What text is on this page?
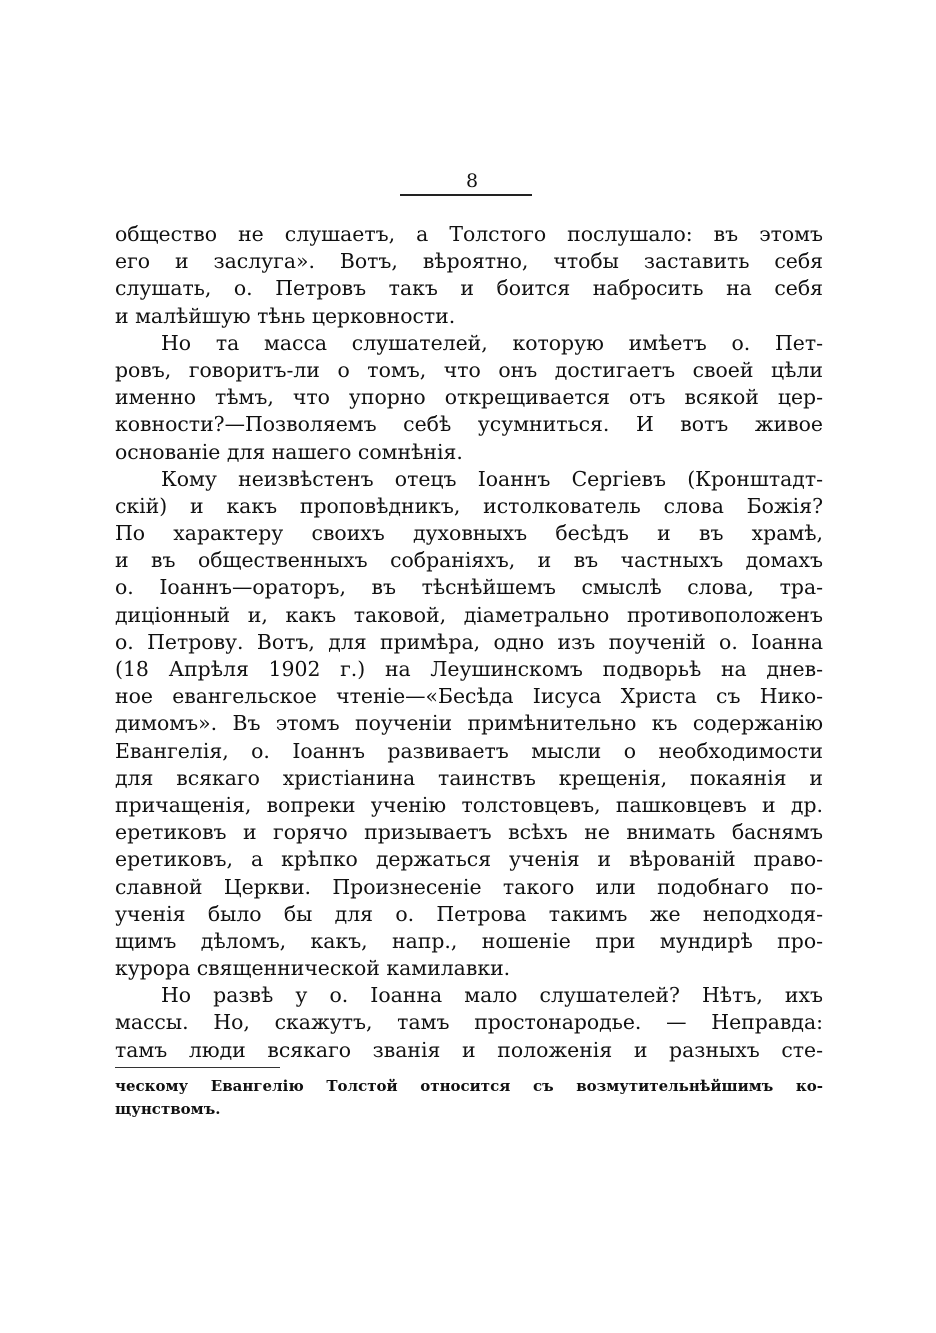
8
общество не слушаетъ, а Толстого послушало: въ этомъ
его и заслуга». Вотъ, вѣроятно, чтобы заставить себя
слушать, о. Петровъ такъ и боится набросить на себя
и малѣйшую тѣнь церковности.
Но та масса слушателей, которую имѣетъ о. Пет-
ровъ, говоритъ-ли о томъ, что онъ достигаетъ своей цѣли
именно тѣмъ, что упорно открещивается отъ всякой цер-
ковности?—Позволяемъ себѣ усумниться. И вотъ живое
основаніе для нашего сомнѣнія.
Кому неизвѣстенъ отецъ Іоаннъ Сергіевъ (Кронштадт-
скій) и какъ проповѣдникъ, истолкователь слова Божія?
По характеру своихъ духовныхъ бесѣдъ и въ храмѣ,
и въ общественныхъ собраніяхъ, и въ частныхъ домахъ
о. Іоаннъ—ораторъ, въ тѣснѣйшемъ смыслѣ слова, тра-
диціонный и, какъ таковой, діаметрально противоположенъ
о. Петрову. Вотъ, для примѣра, одно изъ поученій о. Іоанна
(18 Апрѣля 1902 г.) на Леушинскомъ подворьѣ на днев-
ное евангельское чтеніе—«Бесѣда Іисуса Христа съ Нико-
димомъ». Въ этомъ поученіи примѣнительно къ содержанію
Евангелія, о. Іоаннъ развиваетъ мысли о необходимости
для всякаго христіанина таинствъ крещенія, покаянія и
причащенія, вопреки ученію толстовцевъ, пашковцевъ и др.
еретиковъ и горячо призываетъ всѣхъ не внимать баснямъ
еретиковъ, а крѣпко держаться ученія и вѣрованій право-
славной Церкви. Произнесеніе такого или подобнаго по-
ученія было бы для о. Петрова такимъ же неподходя-
щимъ дѣломъ, какъ, напр., ношеніе при мундирѣ про-
курора священнической камилавки.
Но развѣ у о. Іоанна мало слушателей? Нѣтъ, ихъ
массы. Но, скажутъ, тамъ простонародье. — Неправда:
тамъ люди всякаго званія и положенія и разныхъ сте-
ческому Евангелію Толстой относится съ возмутительнѣйшимъ ко-
щунствомъ.
